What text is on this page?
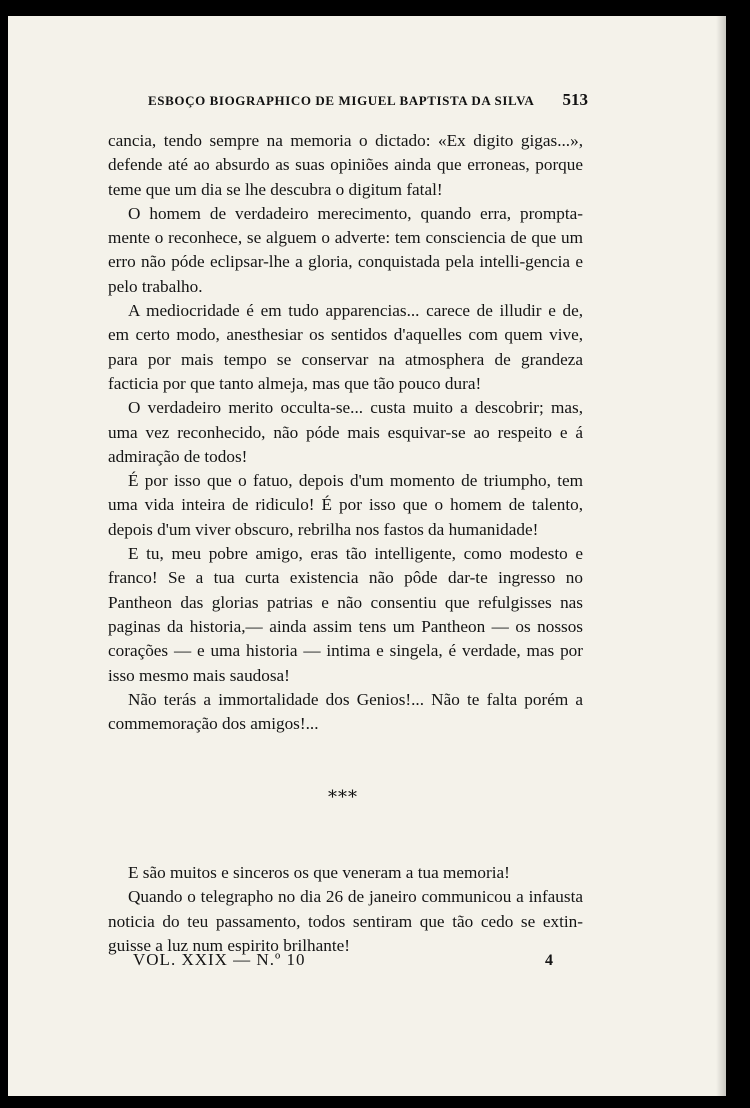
ESBOÇO BIOGRAPHICO DE MIGUEL BAPTISTA DA SILVA 513

cancia, tendo sempre na memoria o dictado: «Ex digito gigas...», defende até ao absurdo as suas opiniões ainda que erroneas, porque teme que um dia se lhe descubra o digitum fatal!

O homem de verdadeiro merecimento, quando erra, prompta-mente o reconhece, se alguem o adverte: tem consciencia de que um erro não póde eclipsar-lhe a gloria, conquistada pela intelli-gencia e pelo trabalho.

A mediocridade é em tudo apparencias... carece de illudir e de, em certo modo, anesthesiar os sentidos d'aquelles com quem vive, para por mais tempo se conservar na atmosphera de grandeza facticia por que tanto almeja, mas que tão pouco dura!

O verdadeiro merito occulta-se... custa muito a descobrir; mas, uma vez reconhecido, não póde mais esquivar-se ao respeito e á admiração de todos!

É por isso que o fatuo, depois d'um momento de triumpho, tem uma vida inteira de ridiculo! É por isso que o homem de talento, depois d'um viver obscuro, rebrilha nos fastos da humanidade!

E tu, meu pobre amigo, eras tão intelligente, como modesto e franco! Se a tua curta existencia não pôde dar-te ingresso no Pantheon das glorias patrias e não consentiu que refulgisses nas paginas da historia,— ainda assim tens um Pantheon — os nossos corações — e uma historia — intima e singela, é verdade, mas por isso mesmo mais saudosa!

Não terás a immortalidade dos Genios!... Não te falta porém a commemoração dos amigos!...

***

E são muitos e sinceros os que veneram a tua memoria!

Quando o telegrapho no dia 26 de janeiro communicou a infausta noticia do teu passamento, todos sentiram que tão cedo se extin-guisse a luz num espirito brilhante!

VOL. XXIX — N.º 10	4
